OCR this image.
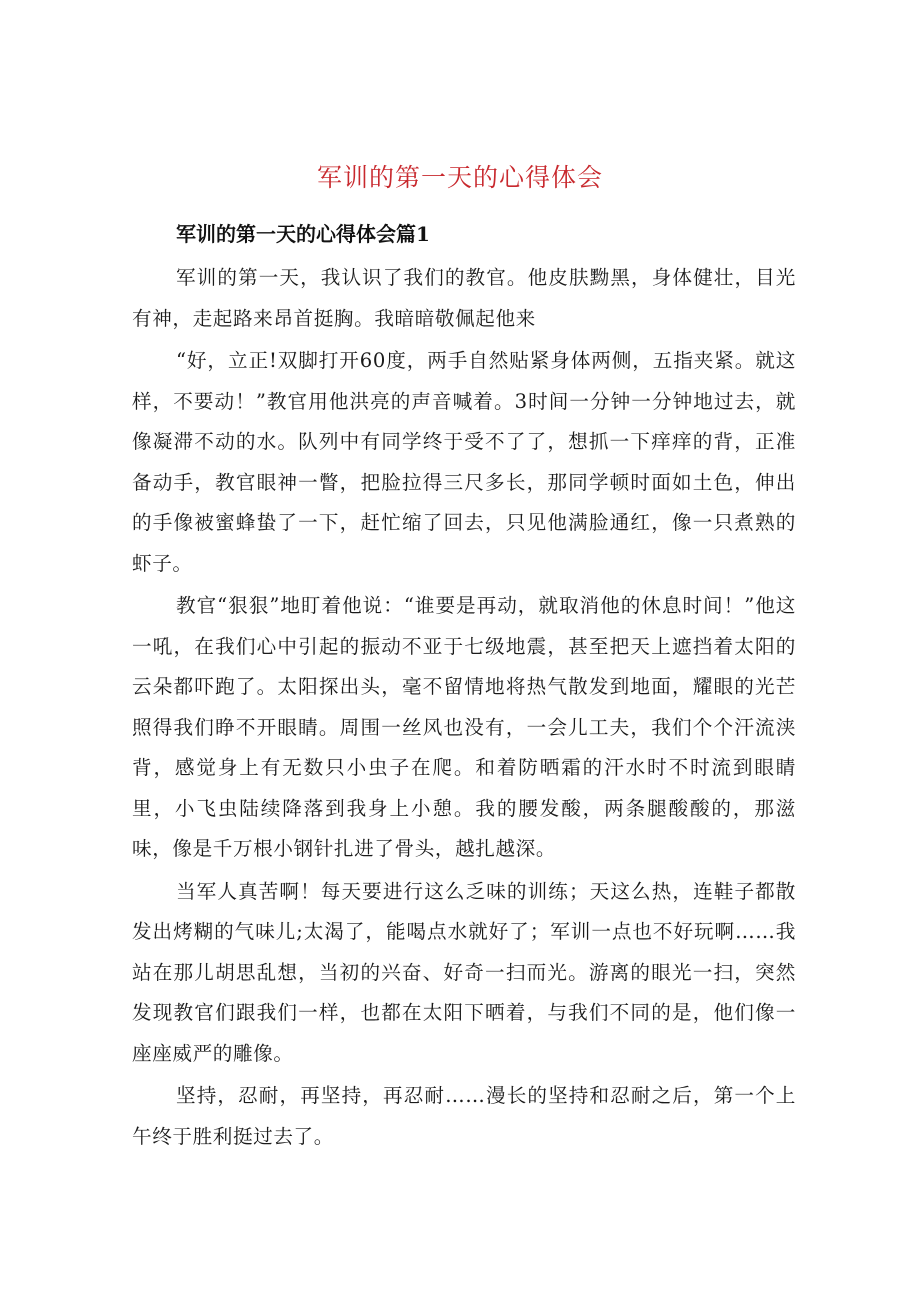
军训的第一天的心得体会
军训的第一天的心得体会篇1

军训的第一天，我认识了我们的教官。他皮肤黝黑，身体健壮，目光有神，走起路来昂首挺胸。我暗暗敬佩起他来

“好，立正!双脚打开60度，两手自然贴紧身体两侧，五指夹紧。就这样，不要动！”教官用他洪亮的声音喊着。3时间一分钟一分钟地过去，就像凝滞不动的水。队列中有同学终于受不了了，想抓一下痒痒的背，正准备动手，教官眼神一瞥，把脸拉得三尺多长，那同学顿时面如土色，伸出的手像被蜜蜂蛰了一下，赶忙缩了回去，只见他满脸通红，像一只煮熟的虾子。

教官“狠狠”地盯着他说：“谁要是再动，就取消他的休息时间！”他这一吼，在我们心中引起的振动不亚于七级地震，甚至把天上遮挡着太阳的云朵都吓跑了。太阳探出头，毫不留情地将热气散发到地面，耀眼的光芒照得我们睁不开眼睛。周围一丝风也没有，一会儿工夫，我们个个汗流浃背，感觉身上有无数只小虫子在爬。和着防晒霜的汗水时不时流到眼睛里，小飞虫陆续降落到我身上小憩。我的腰发酸，两条腿酸酸的，那滋味，像是千万根小钢针扎进了骨头，越扎越深。

当军人真苦啊！每天要进行这么乏味的训练；天这么热，连鞋子都散发出烤糊的气味儿;太渴了，能喝点水就好了；军训一点也不好玩啊……我站在那儿胡思乱想，当初的兴奋、好奇一扫而光。游离的眼光一扫，突然发现教官们跟我们一样，也都在太阳下晒着，与我们不同的是，他们像一座座威严的雕像。

坚持，忍耐，再坚持，再忍耐……漫长的坚持和忍耐之后，第一个上午终于胜利挺过去了。
